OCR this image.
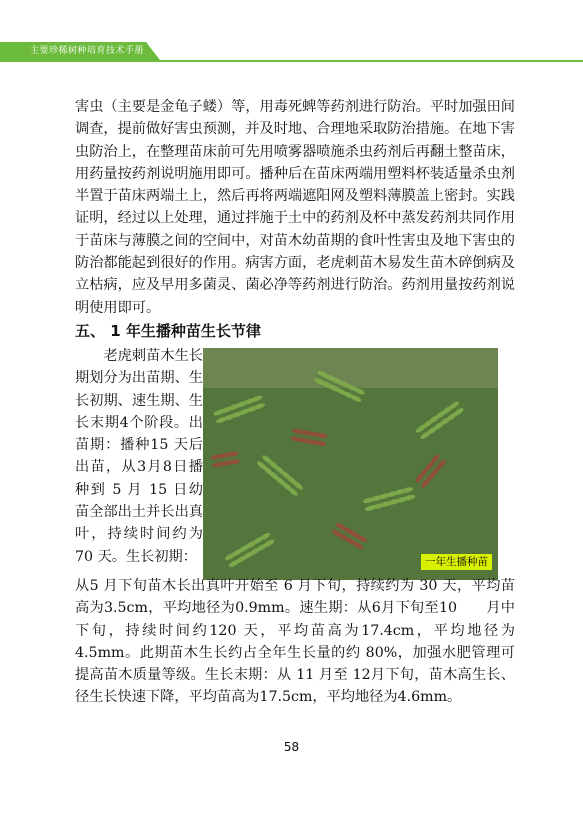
主要珍稀树种培育技术手册

害虫（主要是金龟子蝼）等，用毒死蜱等药剂进行防治。平时加强田间调查，提前做好害虫预测，并及时地、合理地采取防治措施。在地下害虫防治上，在整理苗床前可先用喷雾器喷施杀虫药剂后再翻土整苗床，用药量按药剂说明施用即可。播种后在苗床两端用塑料杯装适量杀虫剂半置于苗床两端土上，然后再将两端遮阳网及塑料薄膜盖上密封。实践证明，经过以上处理，通过拌施于土中的药剂及杯中蒸发药剂共同作用于苗床与薄膜之间的空间中，对苗木幼苗期的食叶性害虫及地下害虫的防治都能起到很好的作用。病害方面，老虎刺苗木易发生苗木碎倒病及立枯病，应及早用多菌灵、菌必净等药剂进行防治。药剂用量按药剂说明使用即可。

五、 1 年生播种苗生长节律
　　老虎刺苗木生长期划分为出苗期、生长初期、速生期、生长末期4个阶段。出苗期：播种15 天后出苗，从3月8日播种到 5 月 15 日幼苗全部出土并长出真叶，持续时间约为70 天。生长初期：	一年生播种苗

从5 月下旬苗木长出真叶开始至 6 月下旬，持续约为 30 天，平均苗高为3.5cm，平均地径为0.9mm。速生期：从6月下旬至10　　月中下旬，持续时间约120 天，平均苗高为17.4cm，平均地径为4.5mm。此期苗木生长约占全年生长量的约 80%，加强水肥管理可提高苗木质量等级。生长末期：从 11 月至 12月下旬，苗木高生长、径生长快速下降，平均苗高为17.5cm，平均地径为4.6mm。

58
